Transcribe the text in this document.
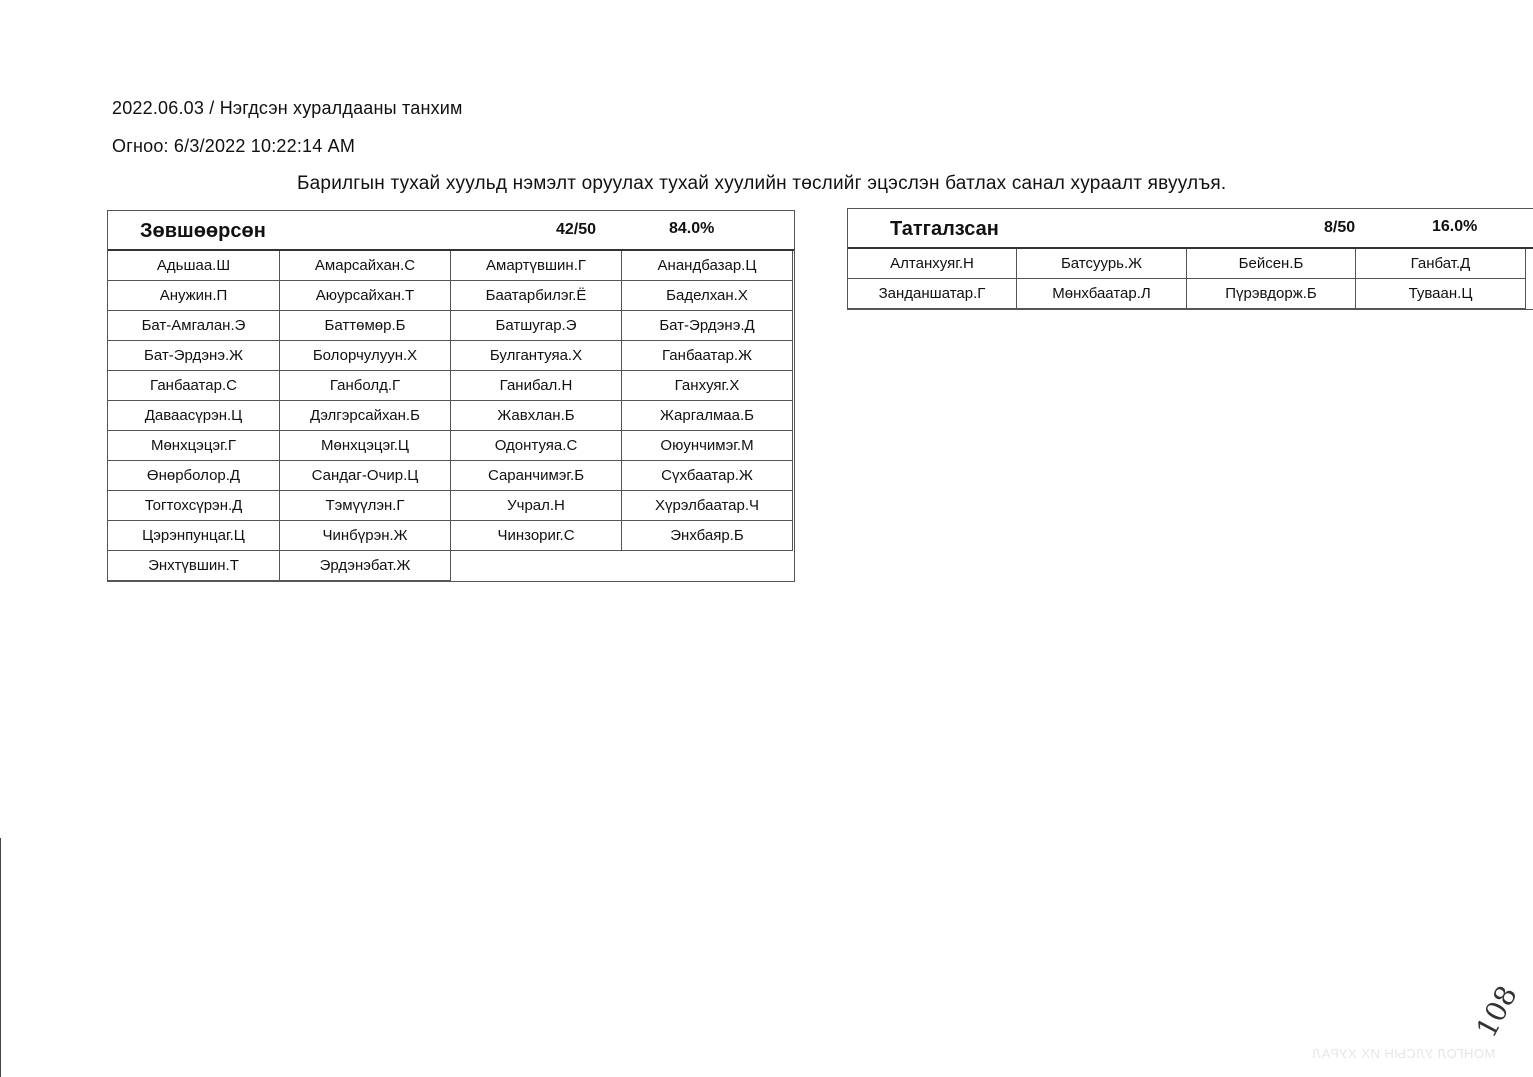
2022.06.03 / Нэгдсэн хуралдааны танхим
Огноо: 6/3/2022 10:22:14 AM
Барилгын тухай хуульд нэмэлт оруулах тухай хуулийн төслийг эцэслэн батлах санал хураалт явуулъя.
Зөвшөөрсөн	42/50	84.0%
Адьшаа.Ш	Амарсайхан.С	Амартүвшин.Г	Анандбазар.Ц
Анужин.П	Аюурсайхан.Т	Баатарбилэг.Ё	Баделхан.Х
Бат-Амгалан.Э	Баттөмөр.Б	Батшугар.Э	Бат-Эрдэнэ.Д
Бат-Эрдэнэ.Ж	Болорчулуун.Х	Булгантуяа.Х	Ганбаатар.Ж
Ганбаатар.С	Ганболд.Г	Ганибал.Н	Ганхуяг.Х
Даваасүрэн.Ц	Дэлгэрсайхан.Б	Жавхлан.Б	Жаргалмаа.Б
Мөнхцэцэг.Г	Мөнхцэцэг.Ц	Одонтуяа.С	Оюунчимэг.М
Өнөрболор.Д	Сандаг-Очир.Ц	Саранчимэг.Б	Сүхбаатар.Ж
Тогтохсүрэн.Д	Тэмүүлэн.Г	Учрал.Н	Хүрэлбаатар.Ч
Цэрэнпунцаг.Ц	Чинбүрэн.Ж	Чинзориг.С	Энхбаяр.Б
Энхтүвшин.Т	Эрдэнэбат.Ж
Татгалзсан	8/50	16.0%
Алтанхуяг.Н	Батсуурь.Ж	Бейсен.Б	Ганбат.Д
Занданшатар.Г	Мөнхбаатар.Л	Пүрэвдорж.Б	Туваан.Ц
108
МОНГОЛ УЛСЫН ИХ ХУРАЛ
